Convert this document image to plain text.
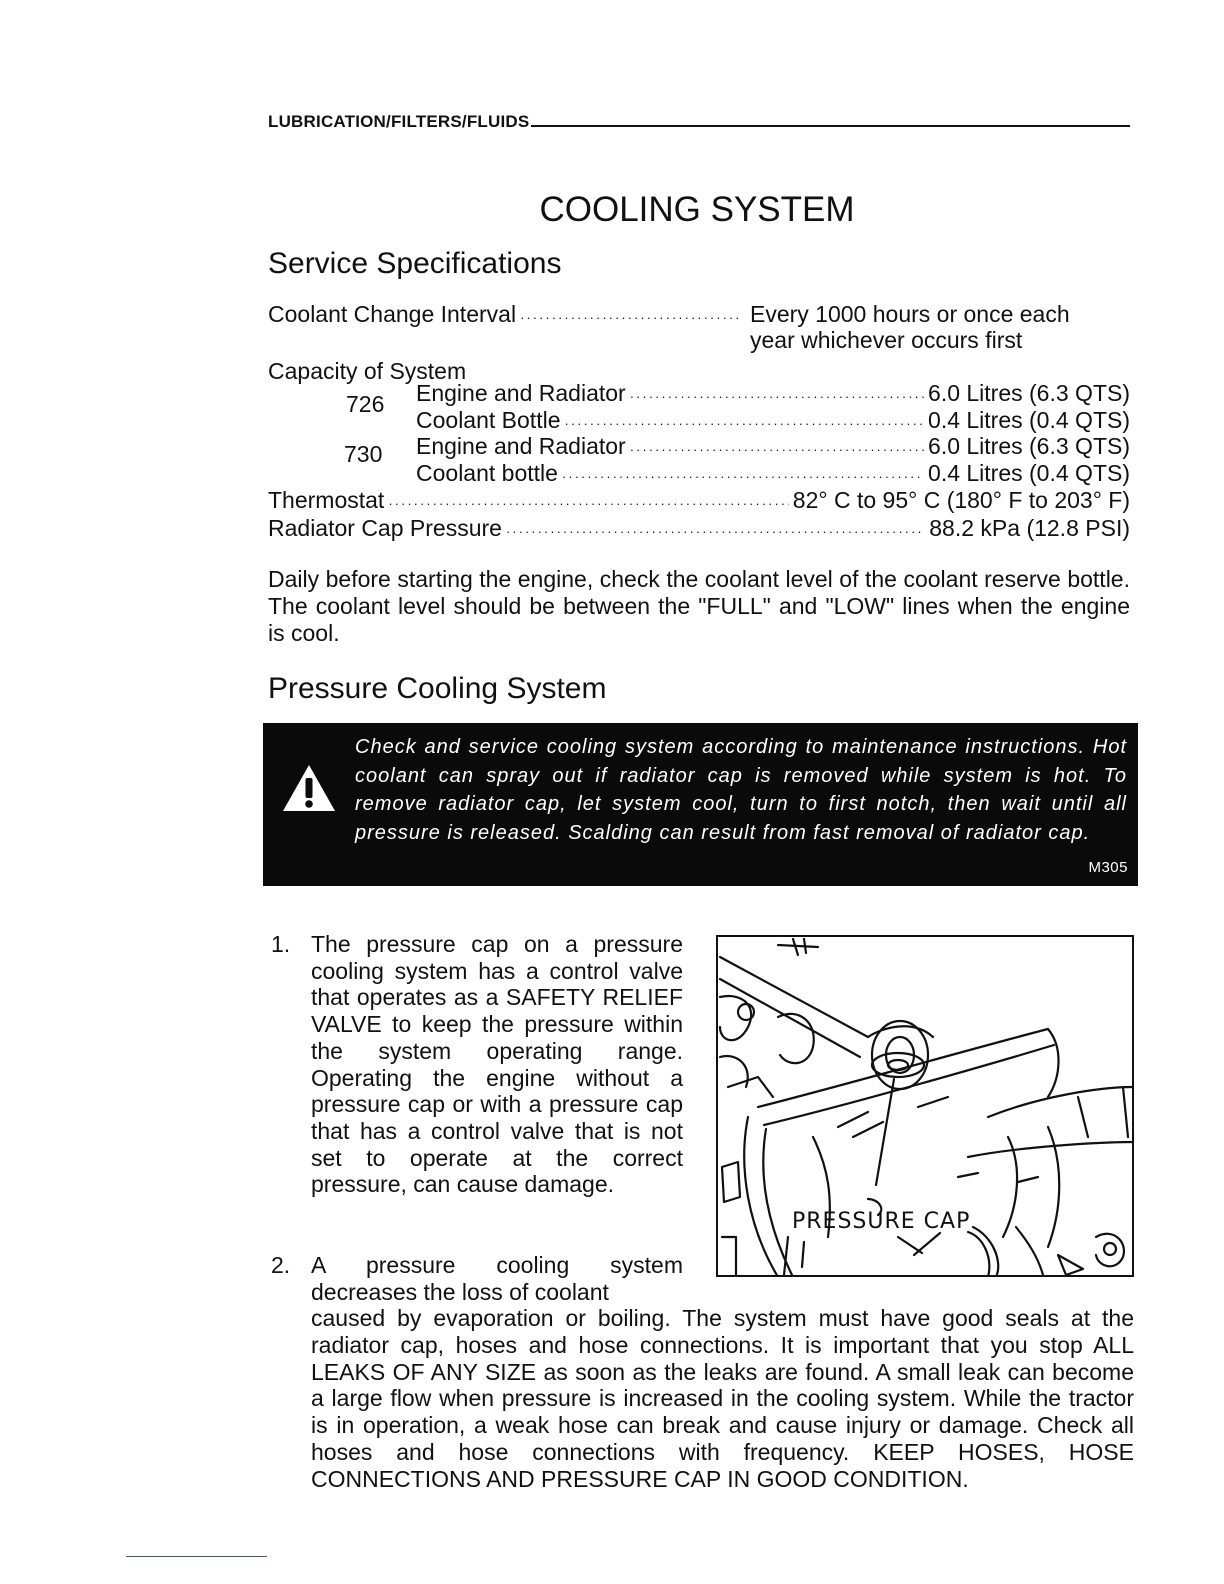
LUBRICATION/FILTERS/FLUIDS
COOLING SYSTEM
Service Specifications
Coolant Change Interval ·····	Every 1000 hours or once each
year whichever occurs first
Capacity of System
726 Engine and Radiator ·····	6.0 Litres (6.3 QTS)
Coolant Bottle ·····	0.4 Litres (0.4 QTS)
730 Engine and Radiator ·····	6.0 Litres (6.3 QTS)
Coolant bottle ·····	0.4 Litres (0.4 QTS)
Thermostat ·····	82° C to 95° C (180° F to 203° F)
Radiator Cap Pressure ·····	88.2 kPa (12.8 PSI)
Daily before starting the engine, check the coolant level of the coolant reserve bottle. The coolant level should be between the "FULL" and "LOW" lines when the engine is cool.
Pressure Cooling System
Check and service cooling system according to maintenance instructions. Hot coolant can spray out if radiator cap is removed while system is hot. To remove radiator cap, let system cool, turn to first notch, then wait until all pressure is released. Scalding can result from fast removal of radiator cap.
M305
1. The pressure cap on a pressure cooling system has a control valve that operates as a SAFETY RELIEF VALVE to keep the pressure within the system operating range. Operating the engine without a pressure cap or with a pressure cap that has a control valve that is not set to operate at the correct pressure, can cause damage.
2. A pressure cooling system decreases the loss of coolant
caused by evaporation or boiling. The system must have good seals at the radiator cap, hoses and hose connections. It is important that you stop ALL LEAKS OF ANY SIZE as soon as the leaks are found. A small leak can become a large flow when pressure is increased in the cooling system. While the tractor is in operation, a weak hose can break and cause injury or damage. Check all hoses and hose connections with frequency. KEEP HOSES, HOSE CONNECTIONS AND PRESSURE CAP IN GOOD CONDITION.
PRESSURE CAP
